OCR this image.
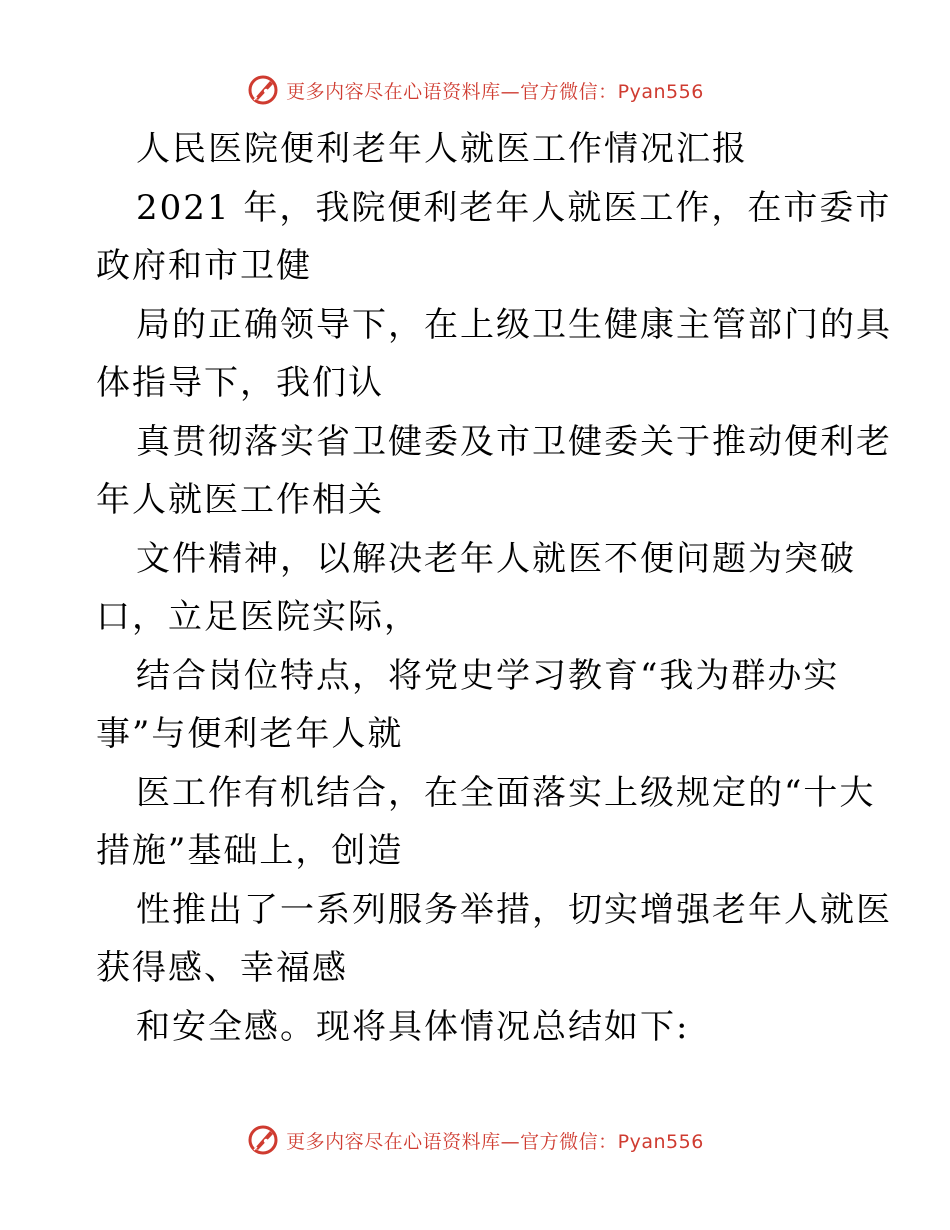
更多内容尽在心语资料库—官方微信：Pyan556
人民医院便利老年人就医工作情况汇报
2021 年，我院便利老年人就医工作，在市委市
政府和市卫健
局的正确领导下，在上级卫生健康主管部门的具
体指导下，我们认
真贯彻落实省卫健委及市卫健委关于推动便利老
年人就医工作相关
文件精神，以解决老年人就医不便问题为突破
口，立足医院实际，
结合岗位特点，将党史学习教育“我为群办实
事”与便利老年人就
医工作有机结合，在全面落实上级规定的“十大
措施”基础上，创造
性推出了一系列服务举措，切实增强老年人就医
获得感、幸福感
和安全感。现将具体情况总结如下:
更多内容尽在心语资料库—官方微信：Pyan556
